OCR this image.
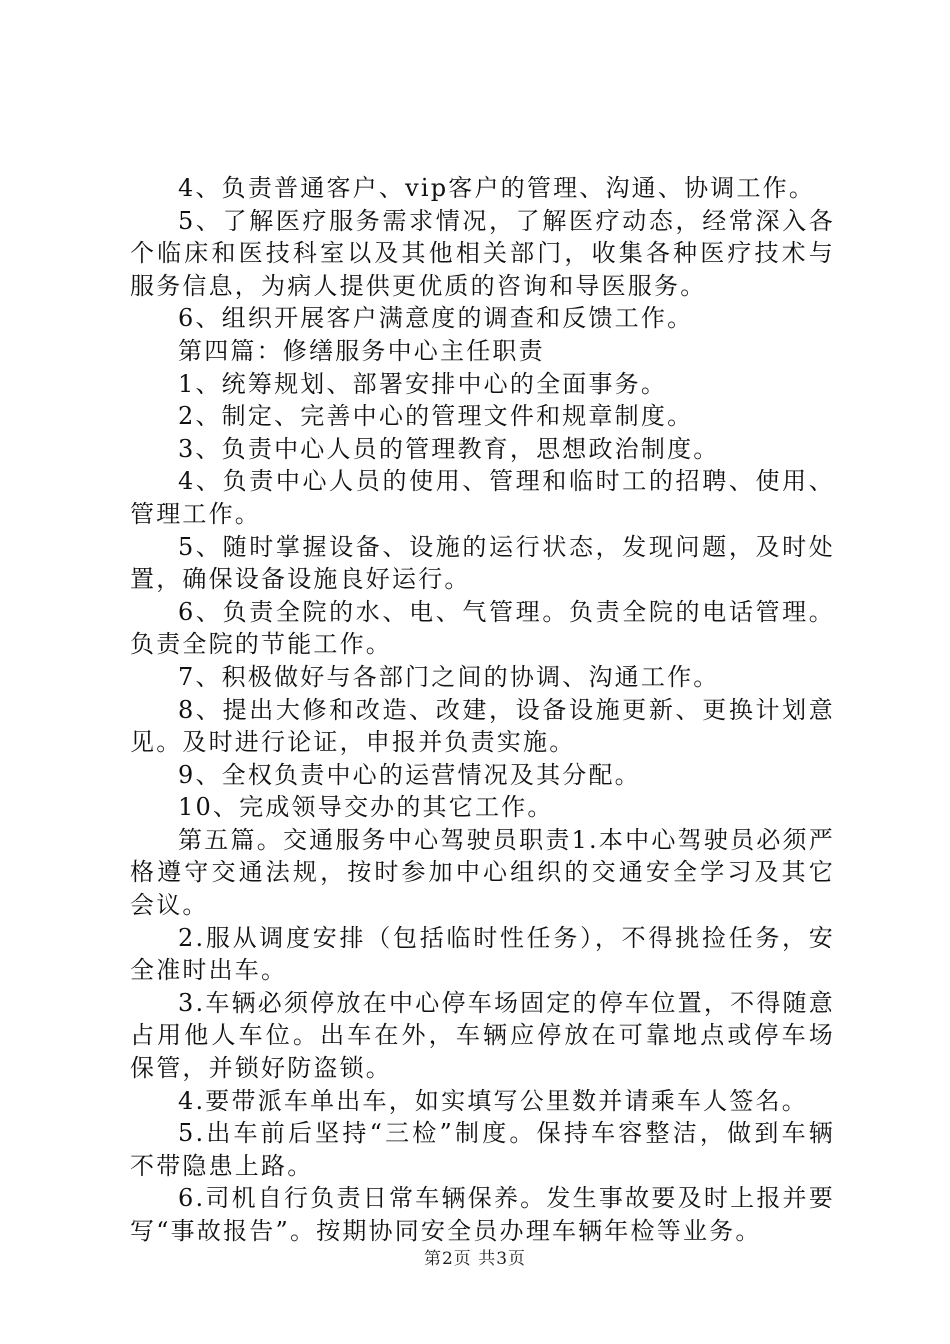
4、负责普通客户、vip客户的管理、沟通、协调工作。

5、了解医疗服务需求情况，了解医疗动态，经常深入各个临床和医技科室以及其他相关部门，收集各种医疗技术与服务信息，为病人提供更优质的咨询和导医服务。

6、组织开展客户满意度的调查和反馈工作。

第四篇：修缮服务中心主任职责

1、统筹规划、部署安排中心的全面事务。

2、制定、完善中心的管理文件和规章制度。

3、负责中心人员的管理教育，思想政治制度。

4、负责中心人员的使用、管理和临时工的招聘、使用、管理工作。

5、随时掌握设备、设施的运行状态，发现问题，及时处置，确保设备设施良好运行。

6、负责全院的水、电、气管理。负责全院的电话管理。负责全院的节能工作。

7、积极做好与各部门之间的协调、沟通工作。

8、提出大修和改造、改建，设备设施更新、更换计划意见。及时进行论证，申报并负责实施。

9、全权负责中心的运营情况及其分配。

10、完成领导交办的其它工作。

第五篇。交通服务中心驾驶员职责1.本中心驾驶员必须严格遵守交通法规，按时参加中心组织的交通安全学习及其它会议。

2.服从调度安排（包括临时性任务），不得挑捡任务，安全准时出车。

3.车辆必须停放在中心停车场固定的停车位置，不得随意占用他人车位。出车在外，车辆应停放在可靠地点或停车场保管，并锁好防盗锁。

4.要带派车单出车，如实填写公里数并请乘车人签名。

5.出车前后坚持“三检”制度。保持车容整洁，做到车辆不带隐患上路。

6.司机自行负责日常车辆保养。发生事故要及时上报并要写“事故报告”。按期协同安全员办理车辆年检等业务。

第2页 共3页
